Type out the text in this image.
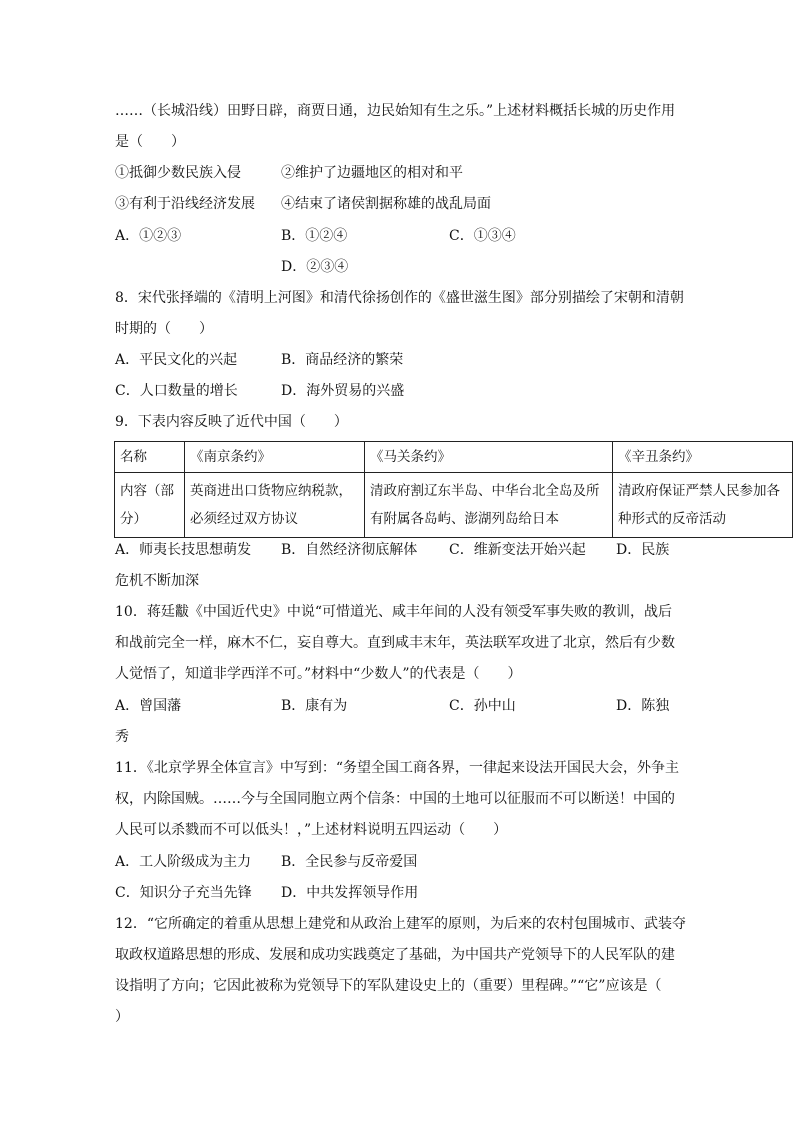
……（长城沿线）田野日辟，商贾日通，边民始知有生之乐。”上述材料概括长城的历史作用
是（　　）
①抵御少数民族入侵	②维护了边疆地区的相对和平
③有利于沿线经济发展 ④结束了诸侯割据称雄的战乱局面
A．①②③	B．①②④	C．①③④
D．②③④
8．宋代张择端的《清明上河图》和清代徐扬创作的《盛世滋生图》部分别描绘了宋朝和清朝
时期的（　　）
A．平民文化的兴起	B．商品经济的繁荣
C．人口数量的增长	D．海外贸易的兴盛
9．下表内容反映了近代中国（　　）
名称	《南京条约》	《马关条约》	《辛丑条约》
内容（部分）	英商进出口货物应纳税款，必须经过双方协议	清政府割辽东半岛、中华台北全岛及所有附属各岛屿、澎湖列岛给日本	清政府保证严禁人民参加各种形式的反帝活动
A．师夷长技思想萌发 B．自然经济彻底解体 C．维新变法开始兴起 D．民族
危机不断加深
10．蒋廷黻《中国近代史》中说“可惜道光、咸丰年间的人没有领受军事失败的教训，战后
和战前完全一样，麻木不仁，妄自尊大。直到咸丰末年，英法联军攻进了北京，然后有少数
人觉悟了，知道非学西洋不可。”材料中“少数人”的代表是（　　）
A．曾国藩	B．康有为	C．孙中山	D．陈独
秀
11．《北京学界全体宣言》中写到：“务望全国工商各界，一律起来设法开国民大会，外争主
权，内除国贼。……今与全国同胞立两个信条：中国的土地可以征服而不可以断送！中国的
人民可以杀戮而不可以低头！，”上述材料说明五四运动（　　）
A．工人阶级成为主力 B．全民参与反帝爱国
C．知识分子充当先锋 D．中共发挥领导作用
12．“它所确定的着重从思想上建党和从政治上建军的原则，为后来的农村包围城市、武装夺
取政权道路思想的形成、发展和成功实践奠定了基础，为中国共产党领导下的人民军队的建
设指明了方向；它因此被称为党领导下的军队建设史上的（重要）里程碑。”“它”应该是（
）
